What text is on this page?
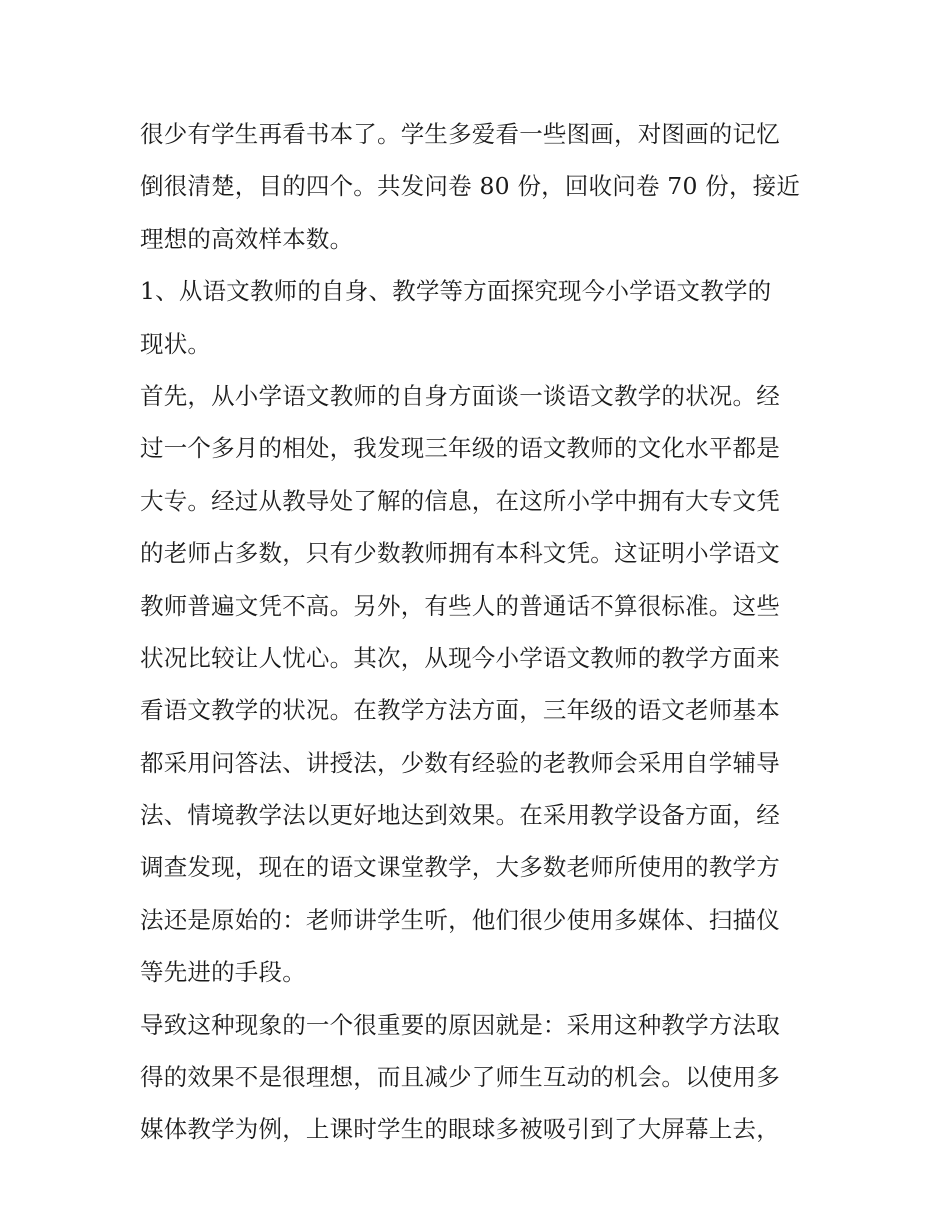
很少有学生再看书本了。学生多爱看一些图画，对图画的记忆
倒很清楚，目的四个。共发问卷 80 份，回收问卷 70 份，接近
理想的高效样本数。

1、从语文教师的自身、教学等方面探究现今小学语文教学的
现状。

首先，从小学语文教师的自身方面谈一谈语文教学的状况。经
过一个多月的相处，我发现三年级的语文教师的文化水平都是
大专。经过从教导处了解的信息，在这所小学中拥有大专文凭
的老师占多数，只有少数教师拥有本科文凭。这证明小学语文
教师普遍文凭不高。另外，有些人的普通话不算很标准。这些
状况比较让人忧心。其次，从现今小学语文教师的教学方面来
看语文教学的状况。在教学方法方面，三年级的语文老师基本
都采用问答法、讲授法，少数有经验的老教师会采用自学辅导
法、情境教学法以更好地达到效果。在采用教学设备方面，经
调查发现，现在的语文课堂教学，大多数老师所使用的教学方
法还是原始的：老师讲学生听，他们很少使用多媒体、扫描仪
等先进的手段。

导致这种现象的一个很重要的原因就是：采用这种教学方法取
得的效果不是很理想，而且减少了师生互动的机会。以使用多
媒体教学为例，上课时学生的眼球多被吸引到了大屏幕上去，
